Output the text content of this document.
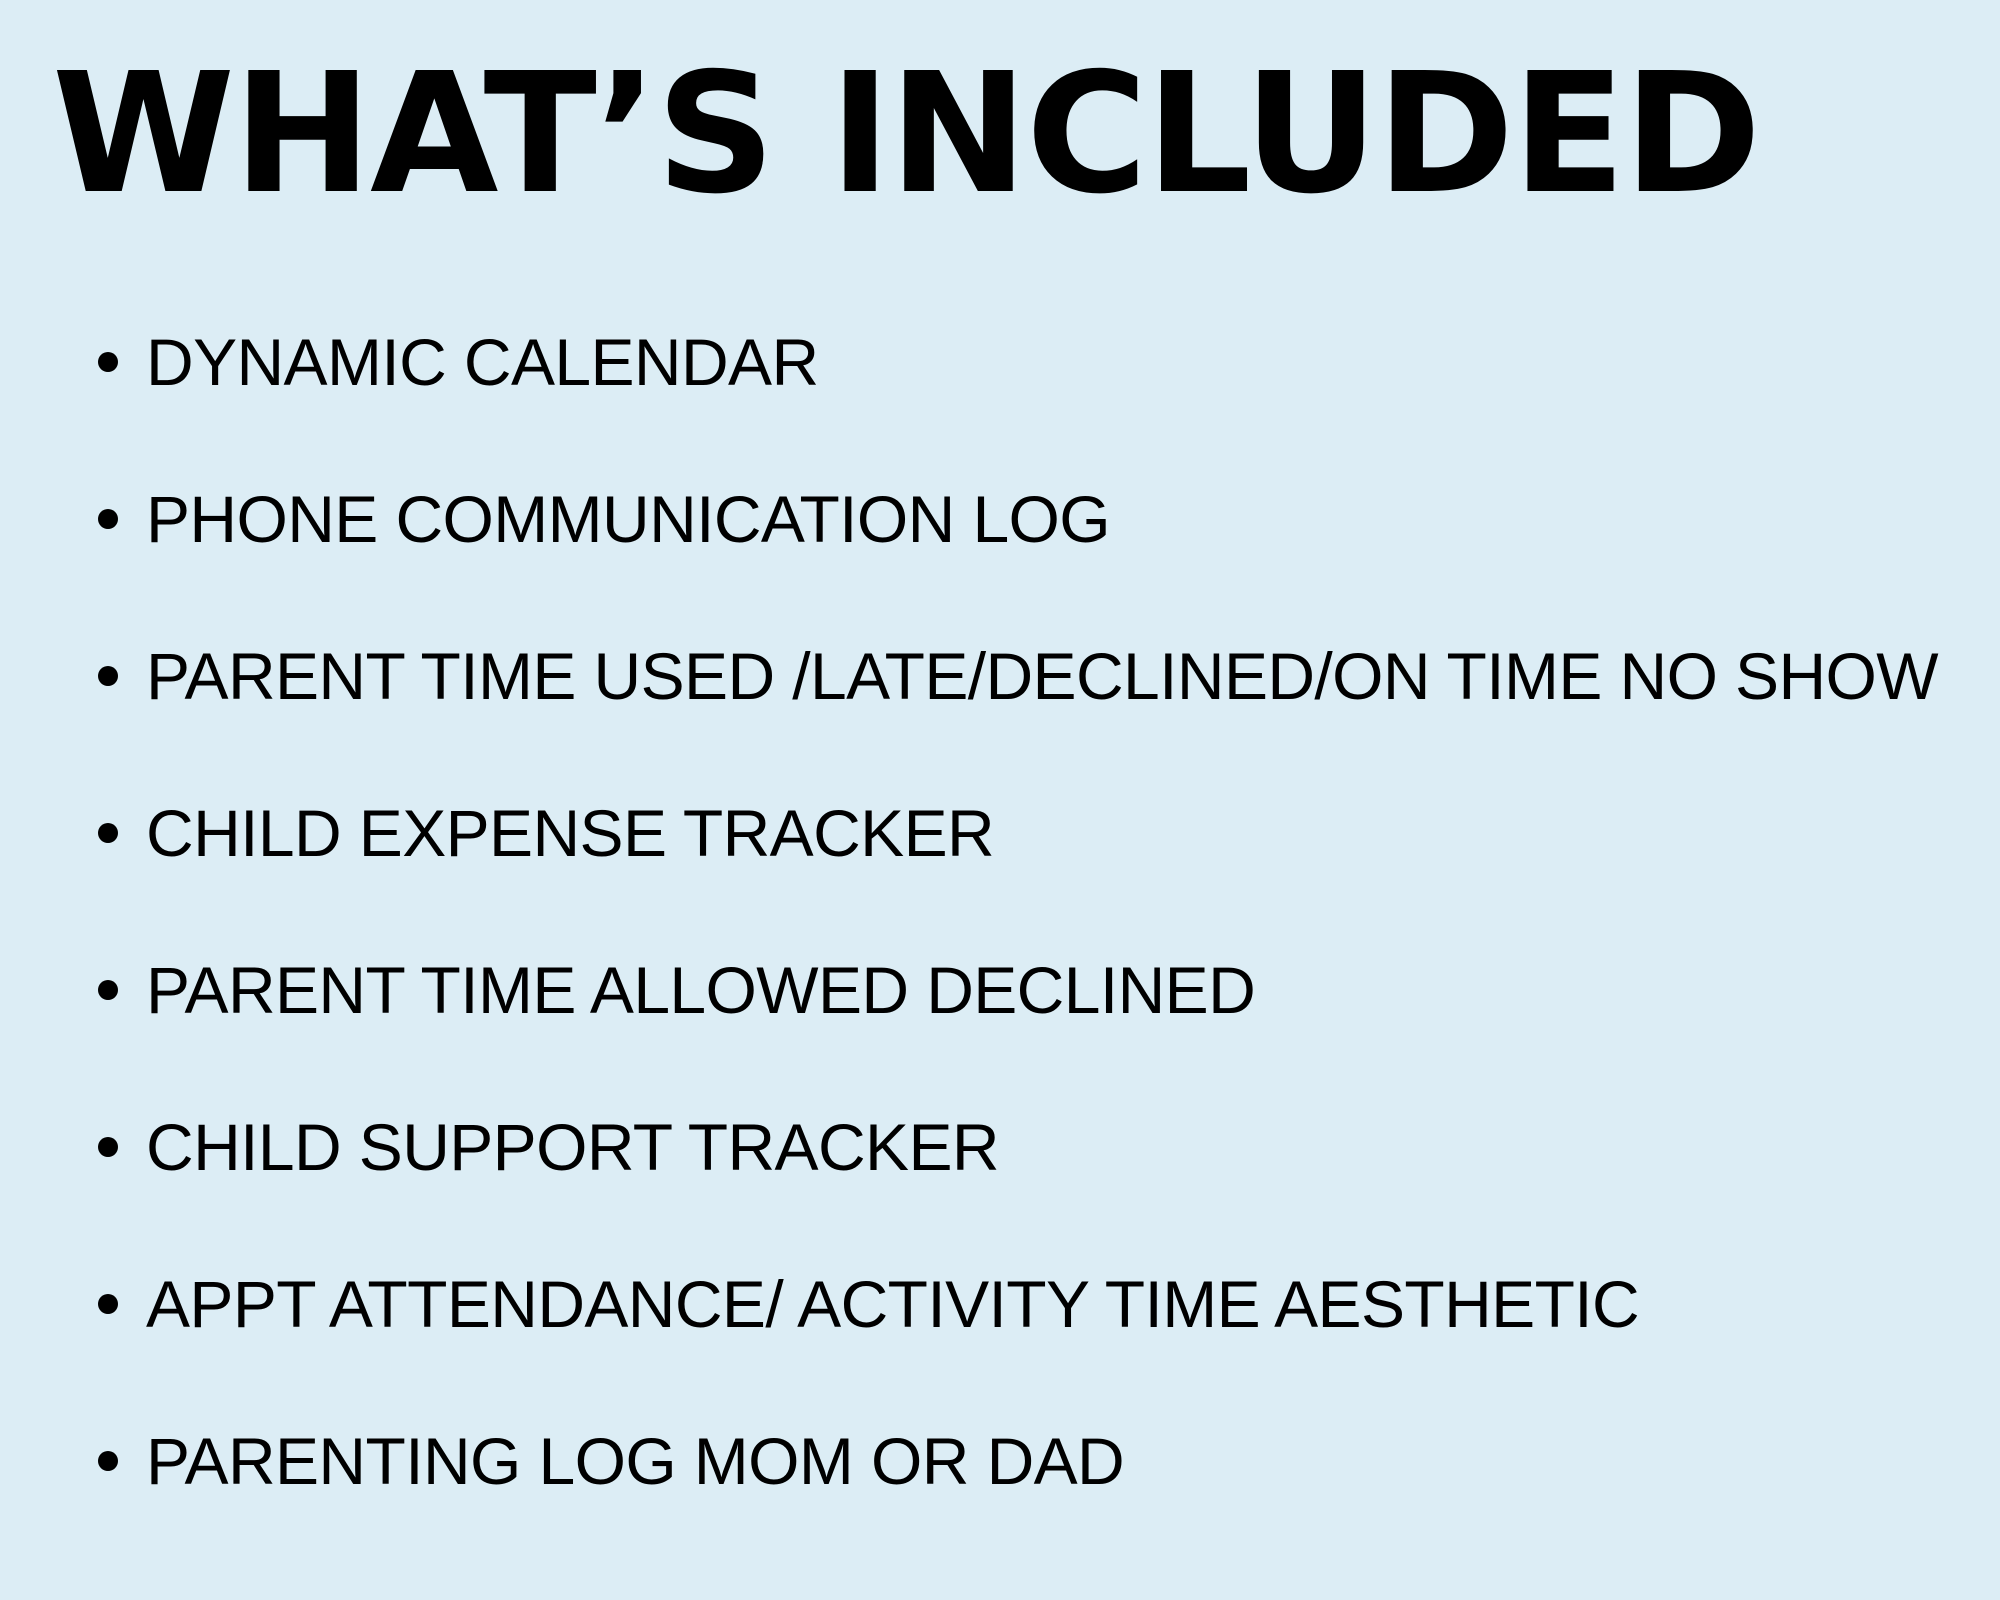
WHAT’S INCLUDED
DYNAMIC CALENDAR
PHONE COMMUNICATION LOG
PARENT TIME USED /LATE/DECLINED/ON TIME NO SHOW
CHILD EXPENSE TRACKER
PARENT TIME ALLOWED DECLINED
CHILD SUPPORT TRACKER
APPT ATTENDANCE/ ACTIVITY TIME AESTHETIC
PARENTING LOG MOM OR DAD
